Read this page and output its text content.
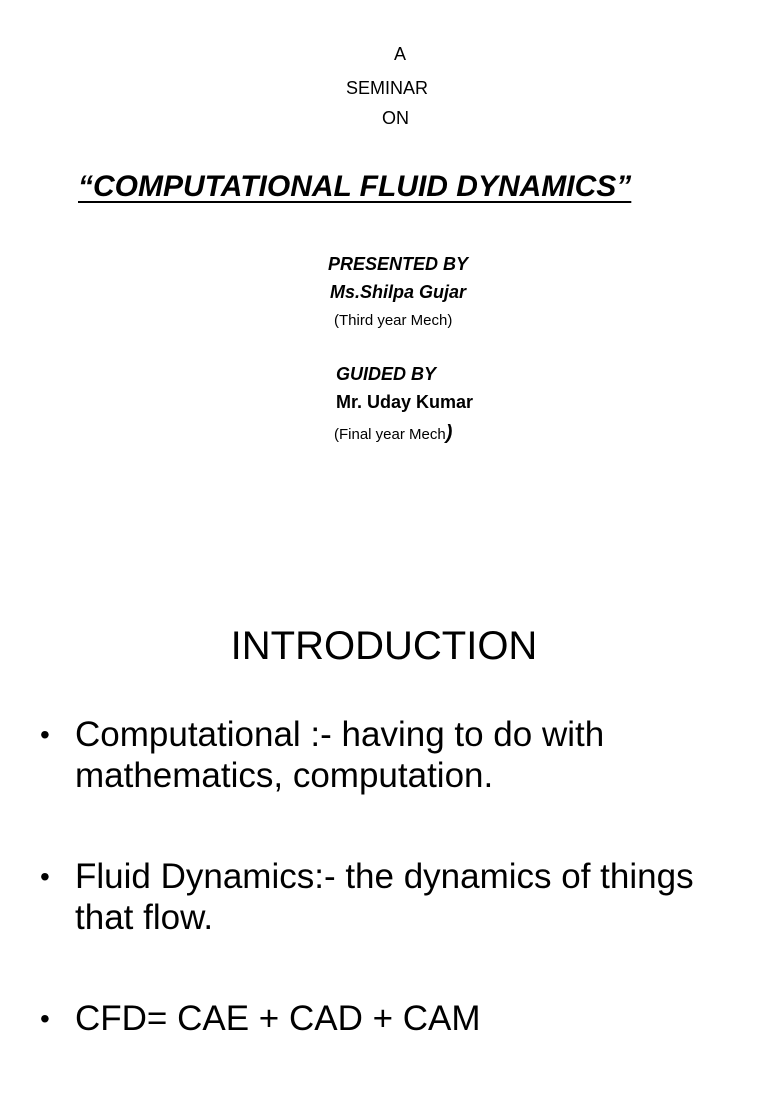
A
SEMINAR
ON
“COMPUTATIONAL FLUID DYNAMICS”
PRESENTED BY
Ms.Shilpa Gujar
(Third year Mech)
GUIDED BY
Mr. Uday Kumar
(Final year Mech)
INTRODUCTION
• Computational :- having to do with mathematics, computation.
• Fluid Dynamics:- the dynamics of things that flow.
• CFD= CAE + CAD + CAM
